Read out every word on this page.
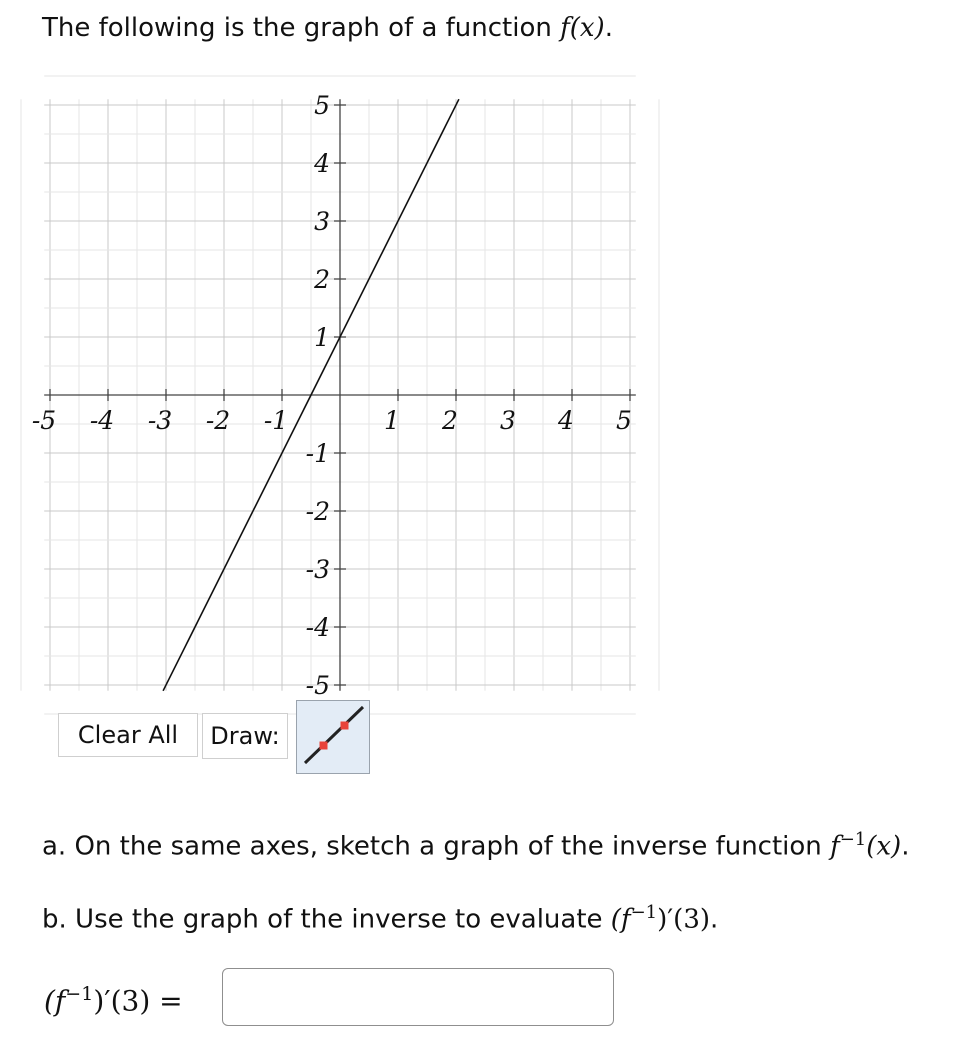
The following is the graph of a function f(x).
-5 -4 -3 -2 -1	1 2 3 4 5
5
4
3
2
1
-1
-2
-3
-4
-5
Clear All	Draw:
a. On the same axes, sketch a graph of the inverse function $f^{-1}(x)$.
b. Use the graph of the inverse to evaluate $(f^{-1})'(3)$.
$(f^{-1})'(3)$ =
